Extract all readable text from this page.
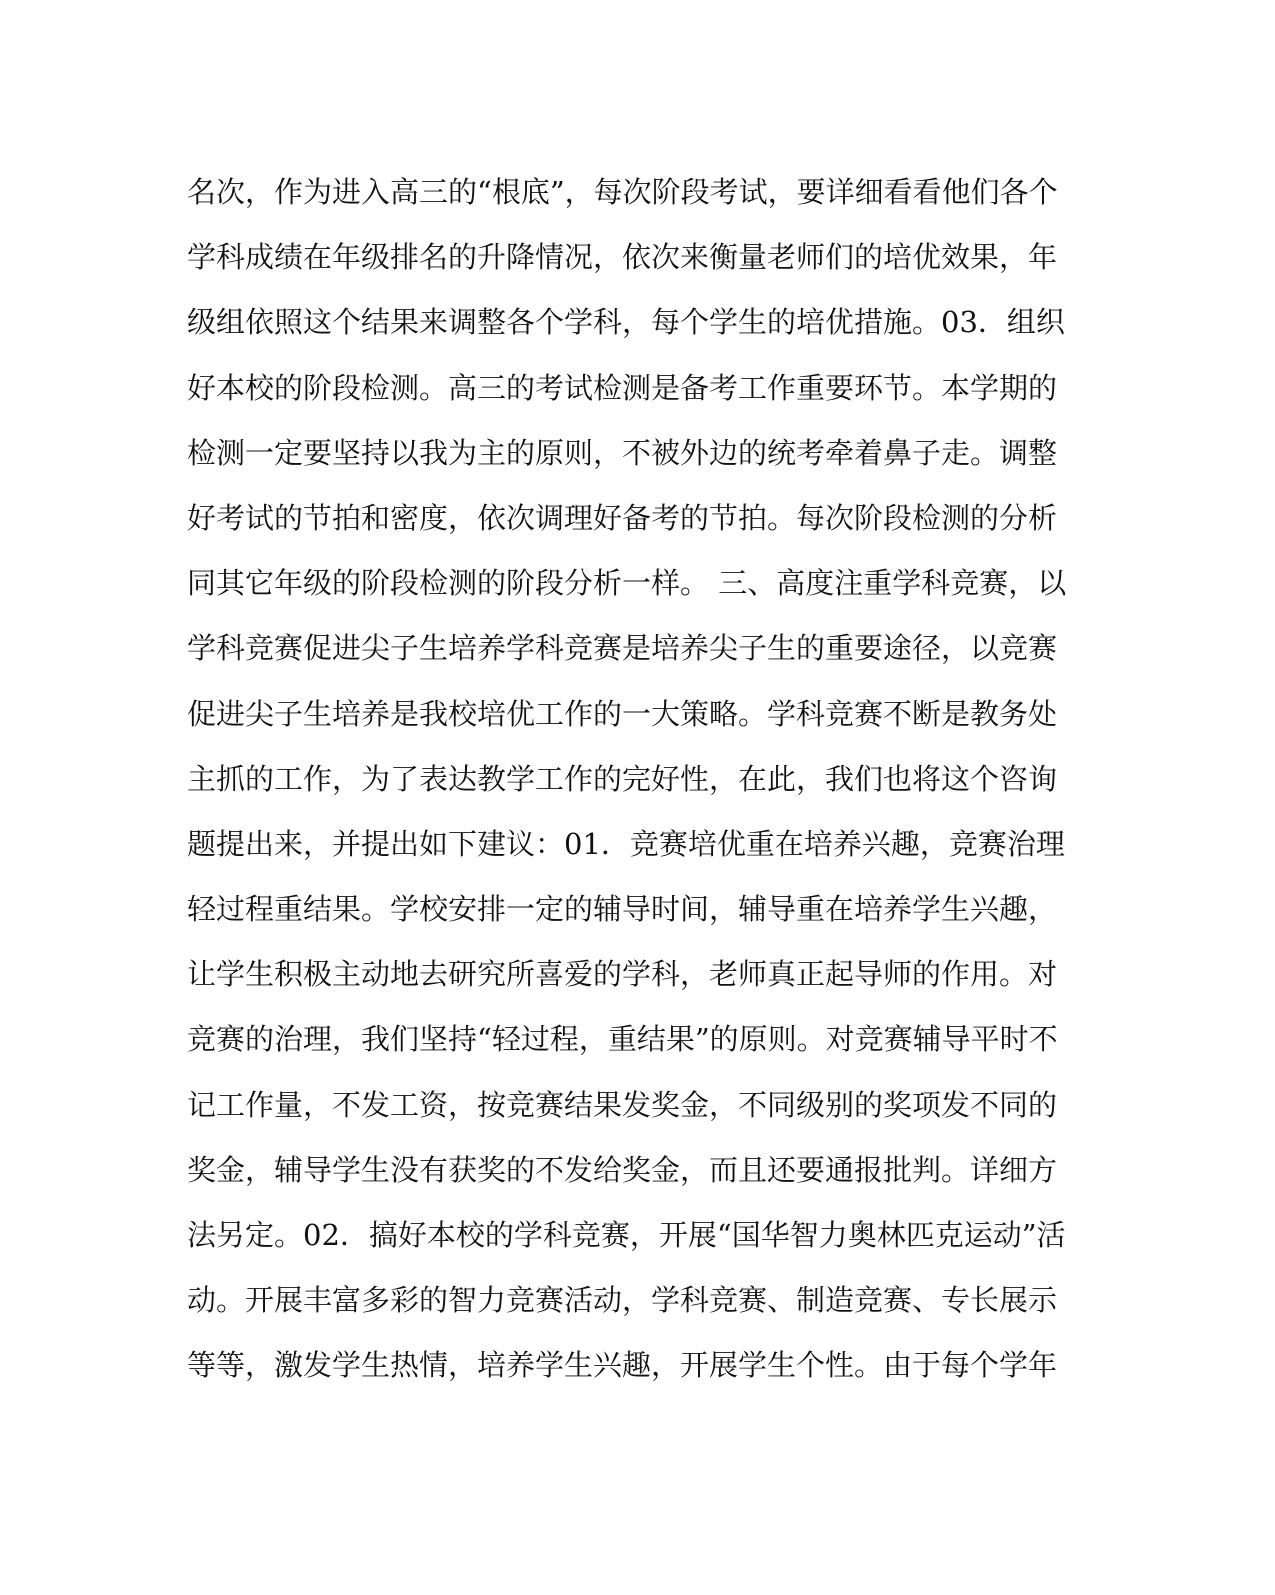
名次，作为进入高三的“根底”，每次阶段考试，要详细看看他们各个
学科成绩在年级排名的升降情况，依次来衡量老师们的培优效果，年
级组依照这个结果来调整各个学科，每个学生的培优措施。03．组织
好本校的阶段检测。高三的考试检测是备考工作重要环节。本学期的
检测一定要坚持以我为主的原则，不被外边的统考牵着鼻子走。调整
好考试的节拍和密度，依次调理好备考的节拍。每次阶段检测的分析
同其它年级的阶段检测的阶段分析一样。 三、高度注重学科竞赛，以
学科竞赛促进尖子生培养学科竞赛是培养尖子生的重要途径，以竞赛
促进尖子生培养是我校培优工作的一大策略。学科竞赛不断是教务处
主抓的工作，为了表达教学工作的完好性，在此，我们也将这个咨询
题提出来，并提出如下建议：01．竞赛培优重在培养兴趣，竞赛治理
轻过程重结果。学校安排一定的辅导时间，辅导重在培养学生兴趣，
让学生积极主动地去研究所喜爱的学科，老师真正起导师的作用。对
竞赛的治理，我们坚持“轻过程，重结果”的原则。对竞赛辅导平时不
记工作量，不发工资，按竞赛结果发奖金，不同级别的奖项发不同的
奖金，辅导学生没有获奖的不发给奖金，而且还要通报批判。详细方
法另定。02．搞好本校的学科竞赛，开展“国华智力奥林匹克运动”活
动。开展丰富多彩的智力竞赛活动，学科竞赛、制造竞赛、专长展示
等等，激发学生热情，培养学生兴趣，开展学生个性。由于每个学年
